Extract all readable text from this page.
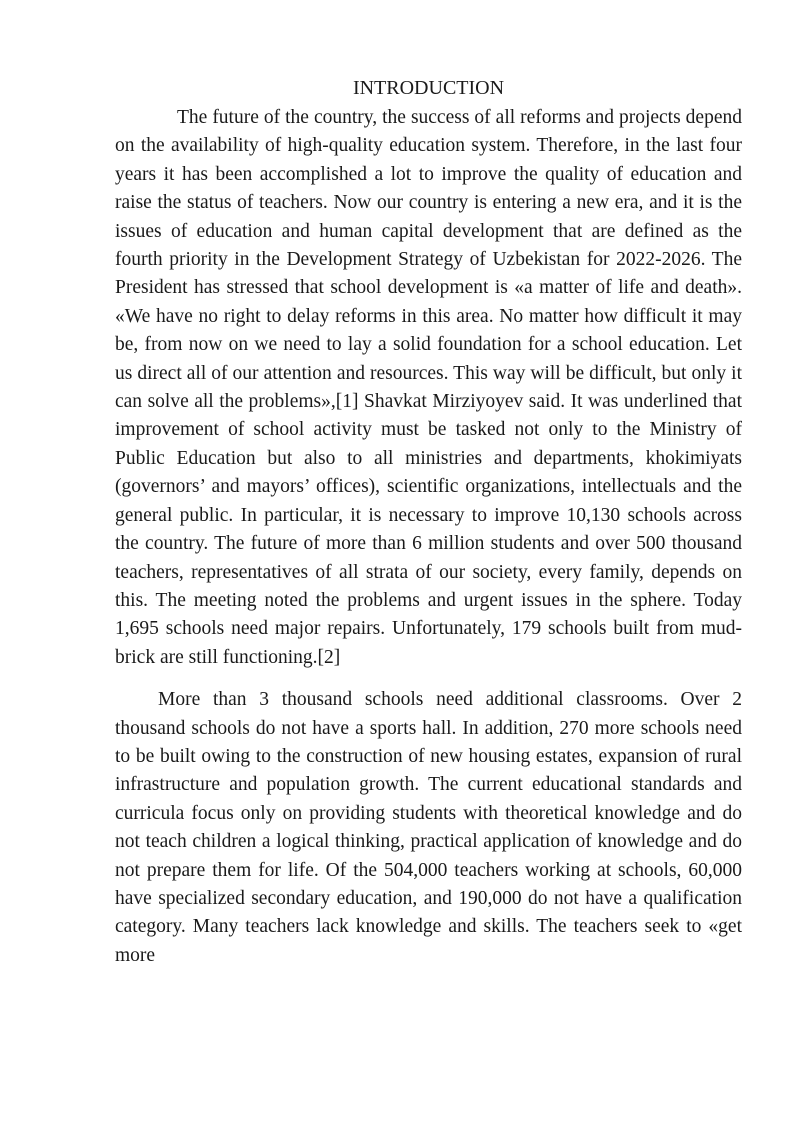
INTRODUCTION

The future of the country, the success of all reforms and projects depend on the availability of high-quality education system. Therefore, in the last four years it has been accomplished a lot to improve the quality of education and raise the status of teachers. Now our country is entering a new era, and it is the issues of education and human capital development that are defined as the fourth priority in the Development Strategy of Uzbekistan for 2022-2026. The President has stressed that school development is «a matter of life and death». «We have no right to delay reforms in this area. No matter how difficult it may be, from now on we need to lay a solid foundation for a school education. Let us direct all of our attention and resources. This way will be difficult, but only it can solve all the problems»,[1] Shavkat Mirziyoyev said. It was underlined that improvement of school activity must be tasked not only to the Ministry of Public Education but also to all ministries and departments, khokimiyats (governors’ and mayors’ offices), scientific organizations, intellectuals and the general public. In particular, it is necessary to improve 10,130 schools across the country. The future of more than 6 million students and over 500 thousand teachers, representatives of all strata of our society, every family, depends on this. The meeting noted the problems and urgent issues in the sphere. Today 1,695 schools need major repairs. Unfortunately, 179 schools built from mud-brick are still functioning.[2]

More than 3 thousand schools need additional classrooms. Over 2 thousand schools do not have a sports hall. In addition, 270 more schools need to be built owing to the construction of new housing estates, expansion of rural infrastructure and population growth. The current educational standards and curricula focus only on providing students with theoretical knowledge and do not teach children a logical thinking, practical application of knowledge and do not prepare them for life. Of the 504,000 teachers working at schools, 60,000 have specialized secondary education, and 190,000 do not have a qualification category. Many teachers lack knowledge and skills. The teachers seek to «get more
